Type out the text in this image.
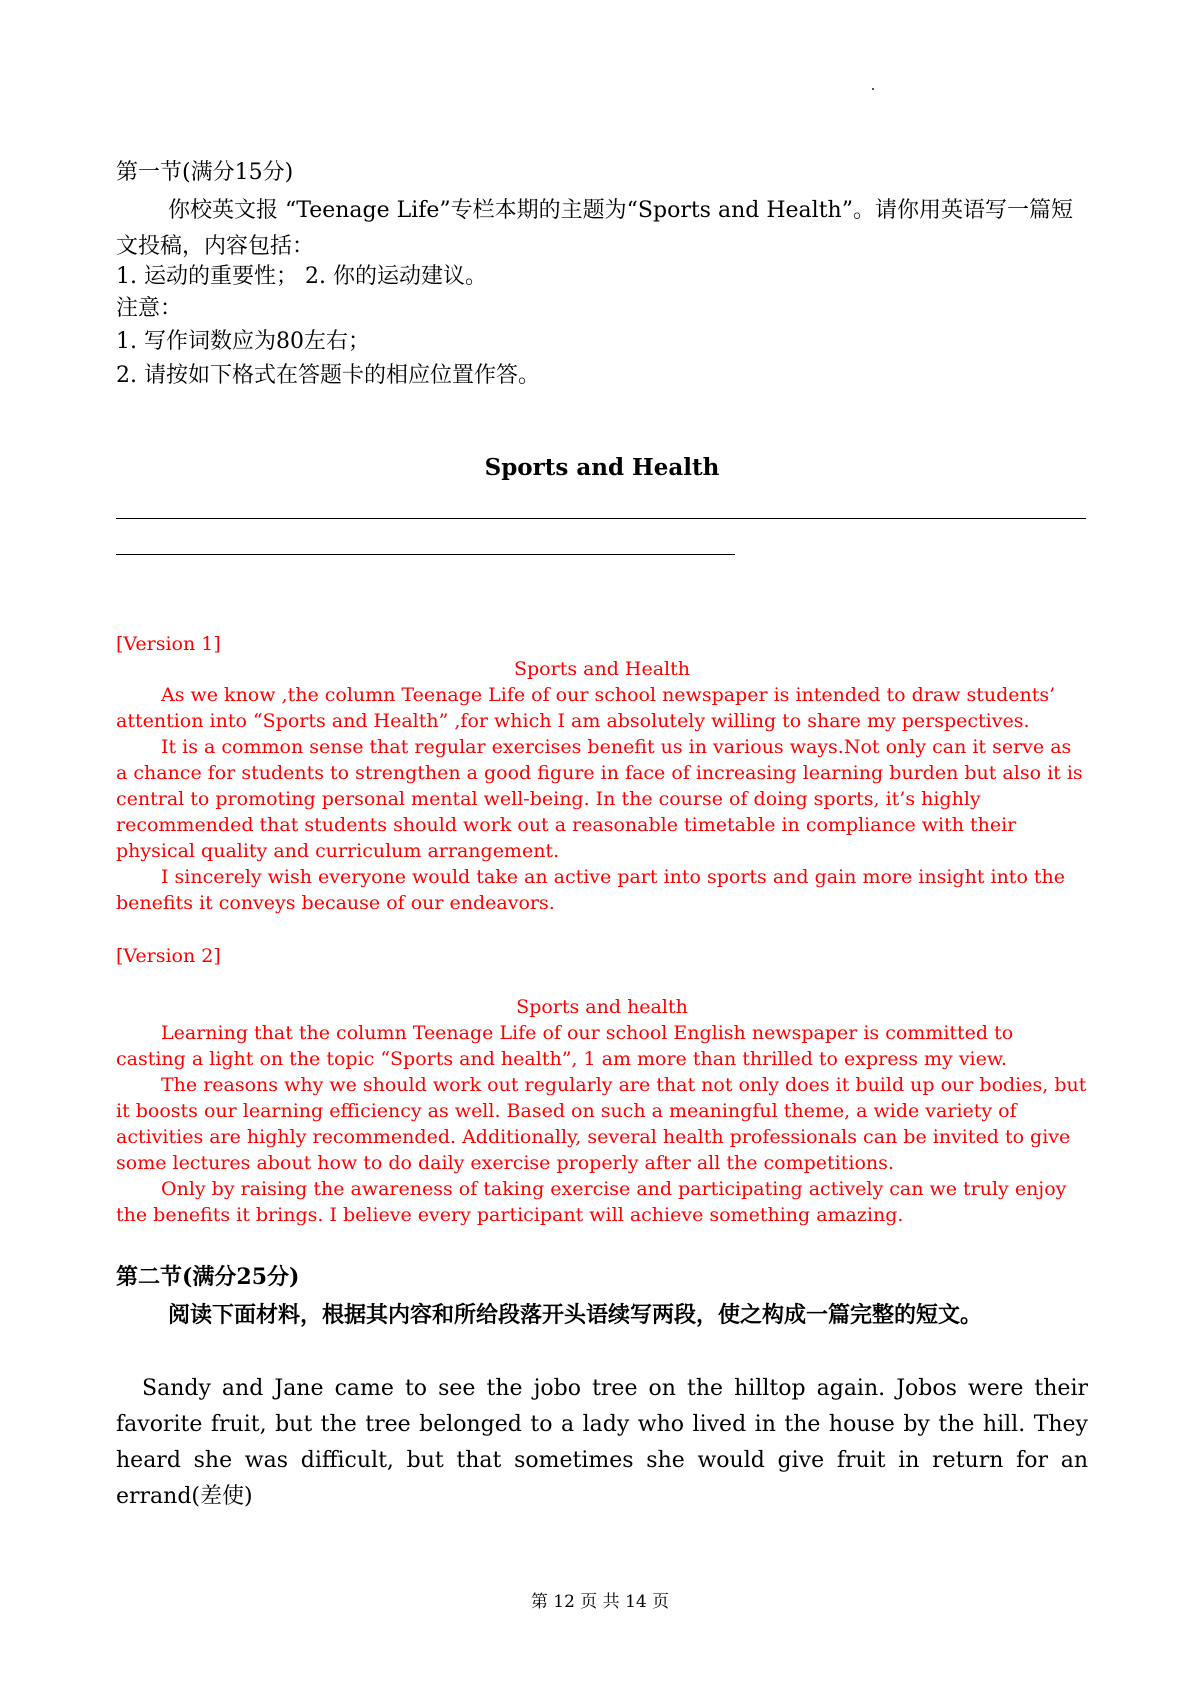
第一节(满分15分)

你校英文报 “Teenage Life”专栏本期的主题为“Sports and Health”。请你用英语写一篇短文投稿，内容包括：

1. 运动的重要性； 2. 你的运动建议。
注意：
1. 写作词数应为80左右；
2. 请按如下格式在答题卡的相应位置作答。
Sports and Health
[Version 1]
Sports and Health

As we know ,the column Teenage Life of our school newspaper is intended to draw students’ attention into “Sports and Health” ,for which I am absolutely willing to share my perspectives.

It is a common sense that regular exercises benefit us in various ways.Not only can it serve as a chance for students to strengthen a good figure in face of increasing learning burden but also it is central to promoting personal mental well-being. In the course of doing sports, it’s highly recommended that students should work out a reasonable timetable in compliance with their physical quality and curriculum arrangement.

I sincerely wish everyone would take an active part into sports and gain more insight into the benefits it conveys because of our endeavors.

[Version 2]
Sports and health

Learning that the column Teenage Life of our school English newspaper is committed to casting a light on the topic “Sports and health”, 1 am more than thrilled to express my view.

The reasons why we should work out regularly are that not only does it build up our bodies, but it boosts our learning efficiency as well. Based on such a meaningful theme, a wide variety of activities are highly recommended. Additionally, several health professionals can be invited to give some lectures about how to do daily exercise properly after all the competitions.

Only by raising the awareness of taking exercise and participating actively can we truly enjoy the benefits it brings. I believe every participant will achieve something amazing.

第二节(满分25分)

阅读下面材料，根据其内容和所给段落开头语续写两段，使之构成一篇完整的短文。

Sandy and Jane came to see the jobo tree on the hilltop again. Jobos were their favorite fruit, but the tree belonged to a lady who lived in the house by the hill. They heard she was difficult, but that sometimes she would give fruit in return for an errand(差使)

第 12 页 共 14 页
